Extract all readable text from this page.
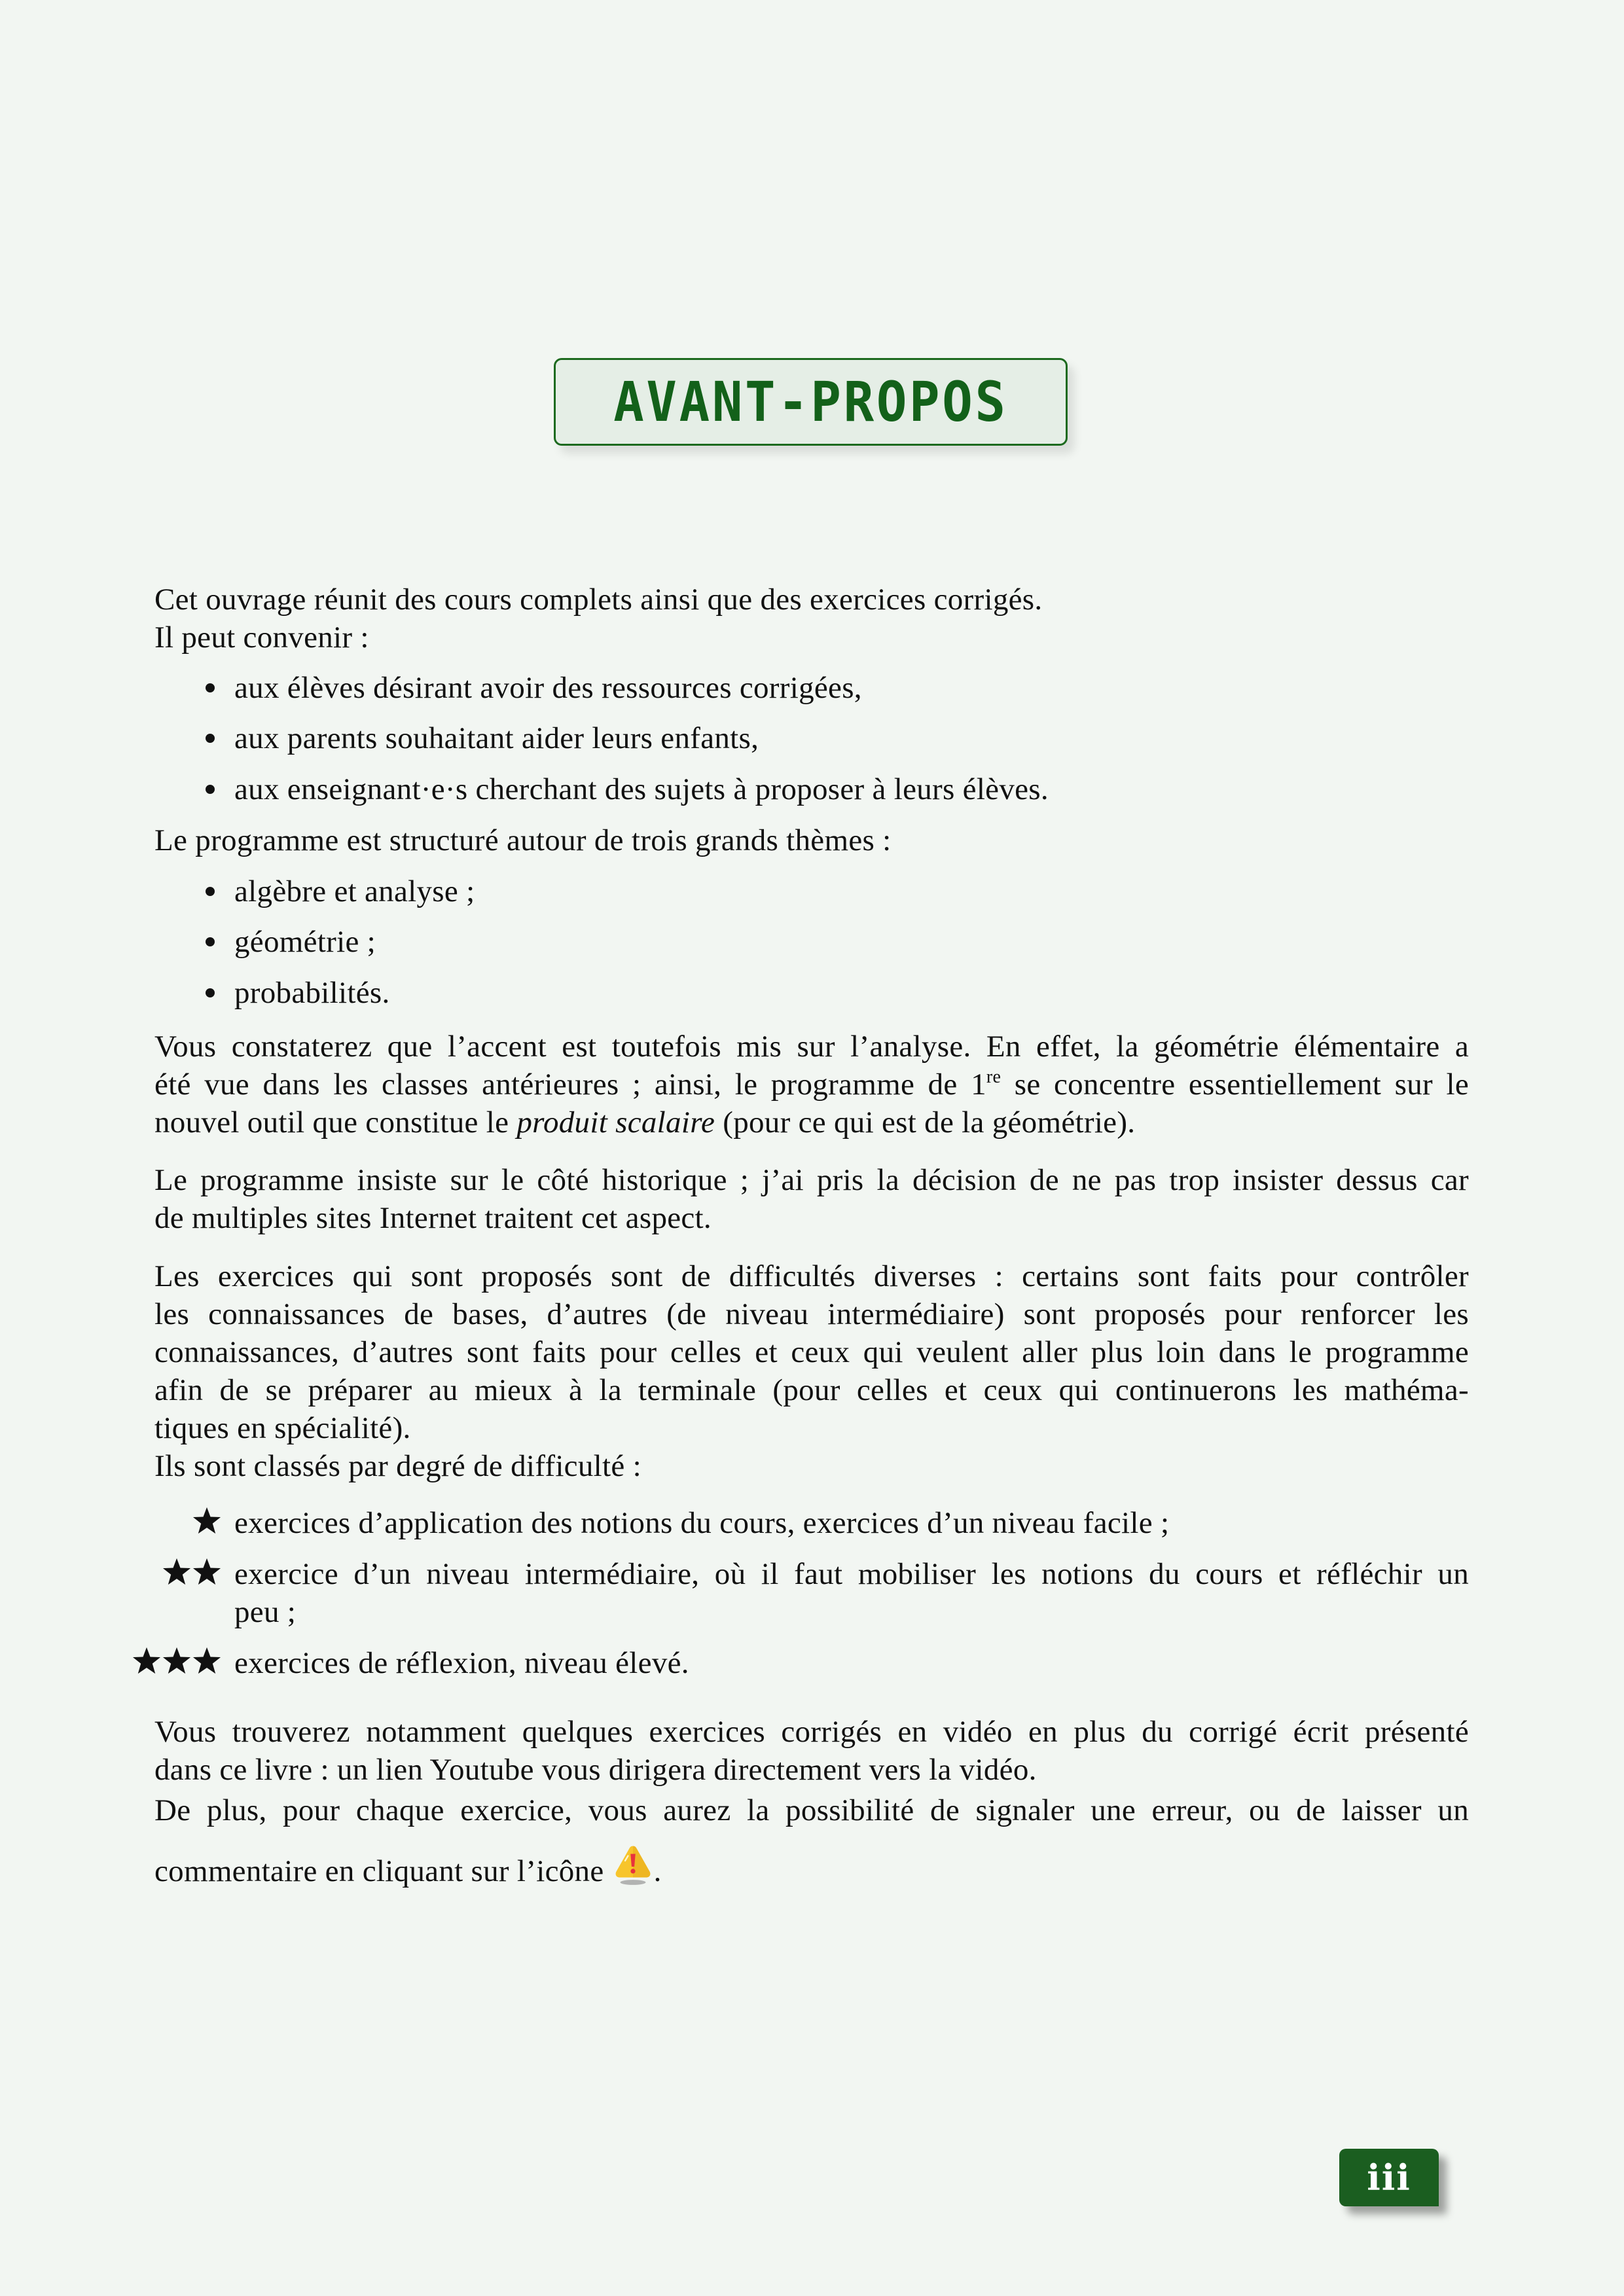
AVANT-PROPOS
Cet ouvrage réunit des cours complets ainsi que des exercices corrigés.
Il peut convenir :
aux élèves désirant avoir des ressources corrigées,
aux parents souhaitant aider leurs enfants,
aux enseignant·e·s cherchant des sujets à proposer à leurs élèves.
Le programme est structuré autour de trois grands thèmes :
algèbre et analyse ;
géométrie ;
probabilités.
Vous constaterez que l’accent est toutefois mis sur l’analyse. En effet, la géométrie élémentaire a
été vue dans les classes antérieures ; ainsi, le programme de 1re se concentre essentiellement sur le
nouvel outil que constitue le produit scalaire (pour ce qui est de la géométrie).
Le programme insiste sur le côté historique ; j’ai pris la décision de ne pas trop insister dessus car
de multiples sites Internet traitent cet aspect.
Les exercices qui sont proposés sont de difficultés diverses : certains sont faits pour contrôler
les connaissances de bases, d’autres (de niveau intermédiaire) sont proposés pour renforcer les
connaissances, d’autres sont faits pour celles et ceux qui veulent aller plus loin dans le programme
afin de se préparer au mieux à la terminale (pour celles et ceux qui continuerons les mathéma-
tiques en spécialité).
Ils sont classés par degré de difficulté :
exercices d’application des notions du cours, exercices d’un niveau facile ;
exercice d’un niveau intermédiaire, où il faut mobiliser les notions du cours et réfléchir un
peu ;
exercices de réflexion, niveau élevé.
Vous trouverez notamment quelques exercices corrigés en vidéo en plus du corrigé écrit présenté
dans ce livre : un lien Youtube vous dirigera directement vers la vidéo.
De plus, pour chaque exercice, vous aurez la possibilité de signaler une erreur, ou de laisser un
commentaire en cliquant sur l’icône .
iii
